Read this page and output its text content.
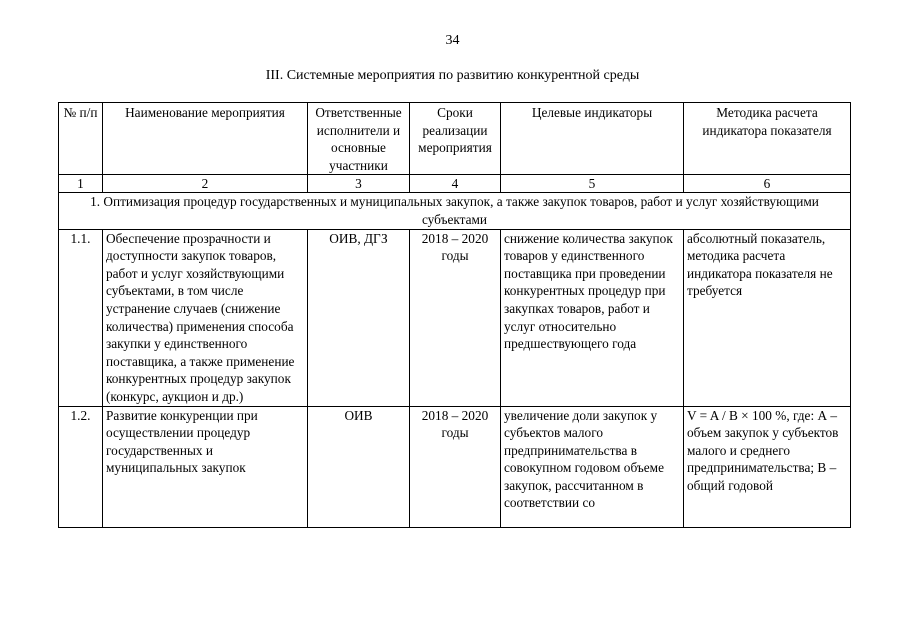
34
III. Системные мероприятия по развитию конкурентной среды
№ п/п	Наименование мероприятия	Ответственные исполнители и основные участники	Сроки реализации мероприятия	Целевые индикаторы	Методика расчета индикатора показателя
1	2	3	4	5	6
1. Оптимизация процедур государственных и муниципальных закупок, а также закупок товаров, работ и услуг хозяйствующими субъектами					
1.1.	Обеспечение прозрачности и доступности закупок товаров, работ и услуг хозяйствующими субъектами, в том числе устранение случаев (снижение количества) применения способа закупки у единственного поставщика, а также применение конкурентных процедур закупок (конкурс, аукцион и др.)	ОИВ, ДГЗ	2018 – 2020 годы	снижение количества закупок товаров у единственного поставщика при проведении конкурентных процедур при закупках товаров, работ и услуг относительно предшествующего года	абсолютный показатель, методика расчета индикатора показателя не требуется

1.2.	Развитие конкуренции при осуществлении процедур государственных и муниципальных закупок	ОИВ	2018 – 2020 годы	увеличение доли закупок у субъектов малого предпринимательства в совокупном годовом объеме закупок, рассчитанном в соответствии со	V = A / B × 100 %, где: А – объем закупок у субъектов малого и среднего предпринимательства; В – общий годовой
